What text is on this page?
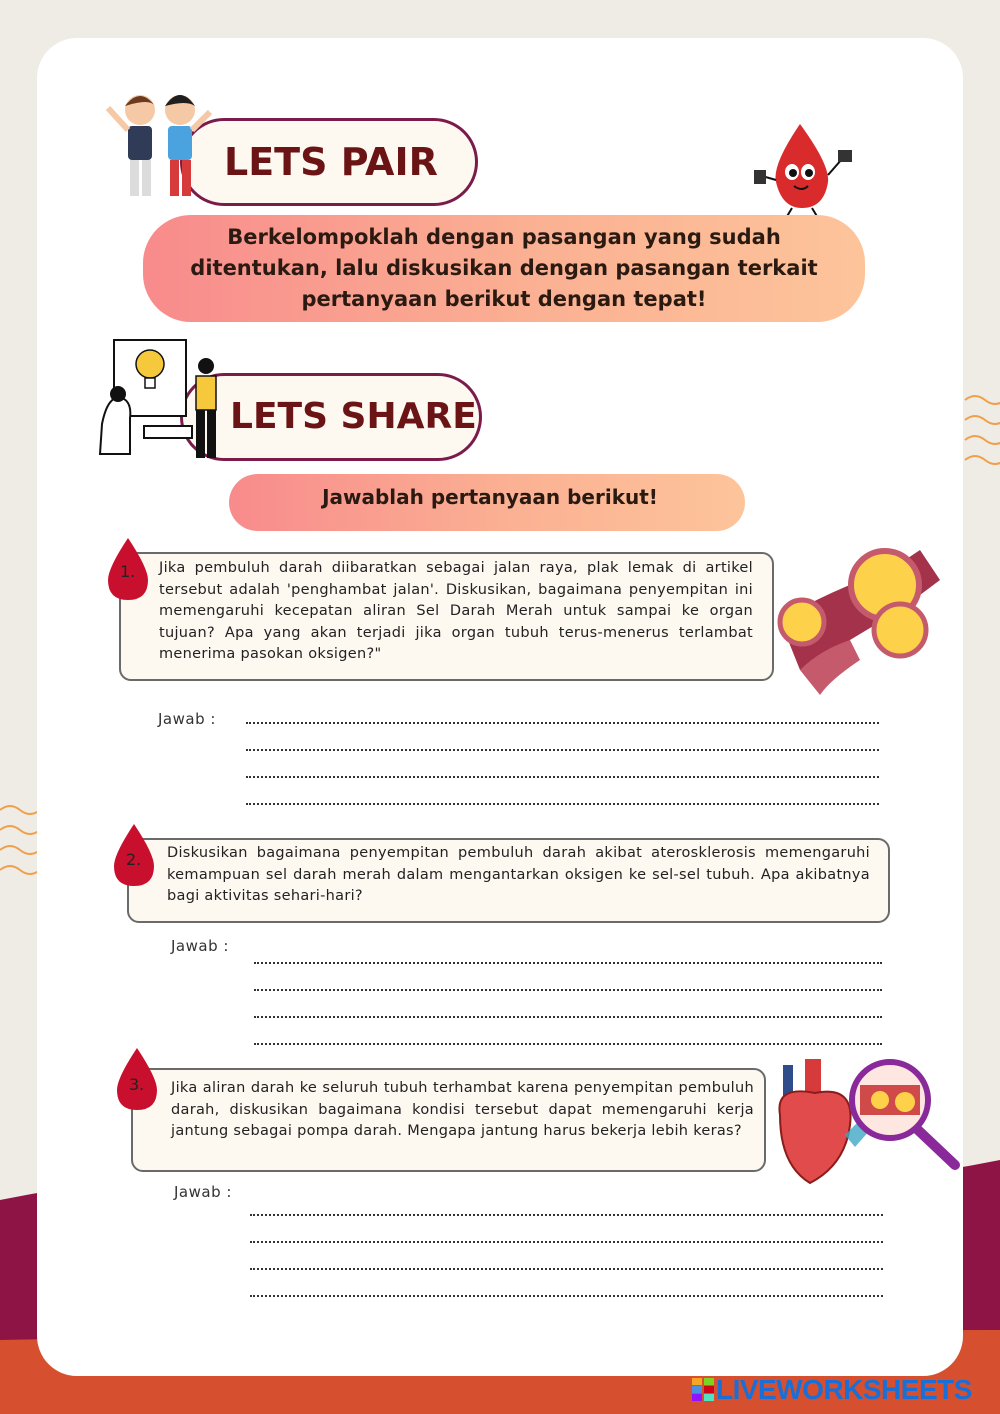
LETS PAIR
Berkelompoklah dengan pasangan yang sudah
ditentukan, lalu diskusikan dengan pasangan terkait
pertanyaan berikut dengan tepat!
LETS SHARE
Jawablah pertanyaan berikut!
1. Jika pembuluh darah diibaratkan sebagai jalan raya, plak lemak di artikel tersebut adalah 'penghambat jalan'. Diskusikan, bagaimana penyempitan ini memengaruhi kecepatan aliran Sel Darah Merah untuk sampai ke organ tujuan? Apa yang akan terjadi jika organ tubuh terus-menerus terlambat menerima pasokan oksigen?"
Jawab :
2. Diskusikan bagaimana penyempitan pembuluh darah akibat aterosklerosis memengaruhi kemampuan sel darah merah dalam mengantarkan oksigen ke sel-sel tubuh. Apa akibatnya bagi aktivitas sehari-hari?
Jawab :
3. Jika aliran darah ke seluruh tubuh terhambat karena penyempitan pembuluh darah, diskusikan bagaimana kondisi tersebut dapat memengaruhi kerja jantung sebagai pompa darah. Mengapa jantung harus bekerja lebih keras?
Jawab :
LIVEWORKSHEETS
